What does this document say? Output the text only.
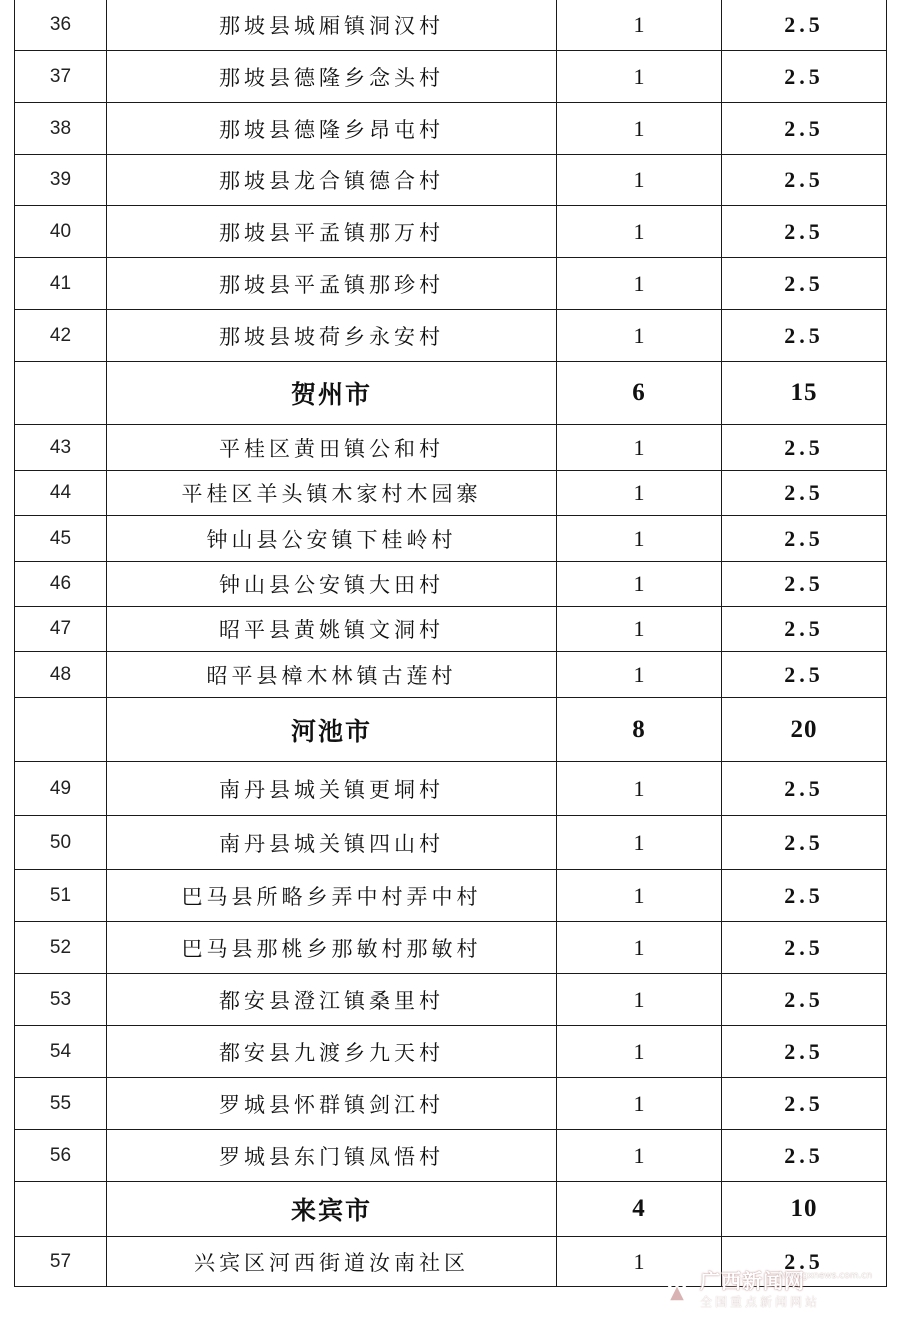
36	那坡县城厢镇洞汉村	1	2.5
37	那坡县德隆乡念头村	1	2.5
38	那坡县德隆乡昂屯村	1	2.5
39	那坡县龙合镇德合村	1	2.5
40	那坡县平孟镇那万村	1	2.5
41	那坡县平孟镇那珍村	1	2.5
42	那坡县坡荷乡永安村	1	2.5
	贺州市	6	15
43	平桂区黄田镇公和村	1	2.5
44	平桂区羊头镇木家村木园寨	1	2.5
45	钟山县公安镇下桂岭村	1	2.5
46	钟山县公安镇大田村	1	2.5
47	昭平县黄姚镇文洞村	1	2.5
48	昭平县樟木林镇古莲村	1	2.5
	河池市	8	20
49	南丹县城关镇更垌村	1	2.5
50	南丹县城关镇四山村	1	2.5
51	巴马县所略乡弄中村弄中村	1	2.5
52	巴马县那桃乡那敏村那敏村	1	2.5
53	都安县澄江镇桑里村	1	2.5
54	都安县九渡乡九天村	1	2.5
55	罗城县怀群镇剑江村	1	2.5
56	罗城县东门镇凤悟村	1	2.5
	来宾市	4	10
57	兴宾区河西街道汝南社区	1	2.5
广西新闻网
www.gxnews.com.cn
全国重点新闻网站
